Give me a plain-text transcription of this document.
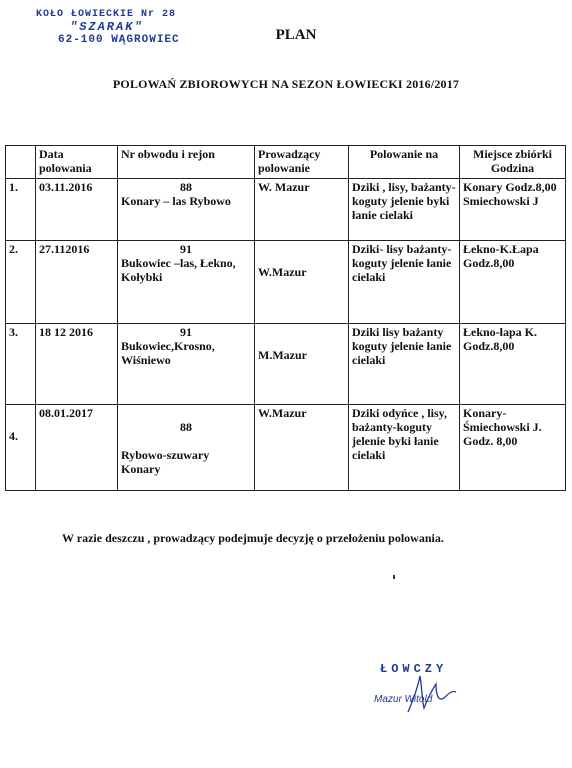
KOŁO ŁOWIECKIE Nr 28
"SZARAK"
62-100 WĄGROWIEC	PLAN
POLOWAŃ ZBIOROWYCH NA SEZON ŁOWIECKI 2016/2017
	Data polowania	Nr obwodu i rejon	Prowadzący polowanie	Polowanie na	Miejsce zbiórki Godzina
1.	03.11.2016	88
Konary – las Rybowo	W. Mazur	Dziki , lisy, bażanty- koguty jelenie byki łanie cielaki	Konary Godz.8,00 Smiechowski J
2.	27.112016	91
Bukowiec –las, Łekno, Kołybki	W.Mazur	Dziki- lisy bażanty-koguty jelenie łanie cielaki	Łekno-K.Łapa Godz.8,00
3.	18 12 2016	91
Bukowiec,Krosno, Wiśniewo	M.Mazur	Dziki lisy bażanty koguty jelenie łanie cielaki	Łekno-łapa K. Godz.8,00
4.	08.01.2017	88
Rybowo-szuwary Konary	W.Mazur	Dziki odyńce , lisy, bażanty-koguty jelenie byki łanie cielaki	Konary- Śmiechowski J. Godz. 8,00
W razie deszczu , prowadzący podejmuje decyzję o przełożeniu polowania.
ŁOWCZY
Mazur Witold
